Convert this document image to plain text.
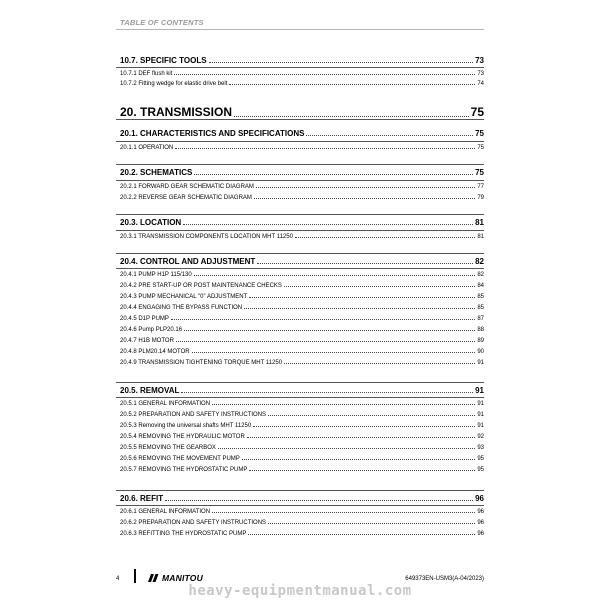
TABLE OF CONTENTS
10.7. SPECIFIC TOOLS	73
10.7.1 DEF flush kit	73
10.7.2 Fitting wedge for elastic drive belt	74
20. TRANSMISSION	75
20.1. CHARACTERISTICS AND SPECIFICATIONS	75
20.1.1 OPERATION	75
20.2. SCHEMATICS	75
20.2.1 FORWARD GEAR SCHEMATIC DIAGRAM	77
20.2.2 REVERSE GEAR SCHEMATIC DIAGRAM	79
20.3. LOCATION	81
20.3.1 TRANSMISSION COMPONENTS LOCATION MHT 11250	81
20.4. CONTROL AND ADJUSTMENT	82
20.4.1 PUMP H1P 115/130	82
20.4.2 PRE START-UP OR POST MAINTENANCE CHECKS	84
20.4.3 PUMP MECHANICAL "0" ADJUSTMENT	85
20.4.4 ENGAGING THE BYPASS FUNCTION	85
20.4.5 D1P PUMP	87
20.4.6 Pump PLP20.16	88
20.4.7 H1B MOTOR	89
20.4.8 PLM20.14 MOTOR	90
20.4.9 TRANSMISSION TIGHTENING TORQUE MHT 11250	91
20.5. REMOVAL	91
20.5.1 GENERAL INFORMATION	91
20.5.2 PREPARATION AND SAFETY INSTRUCTIONS	91
20.5.3 Removing the universal shafts MHT 11250	91
20.5.4 REMOVING THE HYDRAULIC MOTOR	92
20.5.5 REMOVING THE GEARBOX	93
20.5.6 REMOVING THE MOVEMENT PUMP	95
20.5.7 REMOVING THE HYDROSTATIC PUMP	95
20.6. REFIT	96
20.6.1 GENERAL INFORMATION	96
20.6.2 PREPARATION AND SAFETY INSTRUCTIONS	96
20.6.3 REFITTING THE HYDROSTATIC PUMP	96
4	MANITOU	649373EN-USM3(A-04/2023)
heavy-equipmentmanual.com
